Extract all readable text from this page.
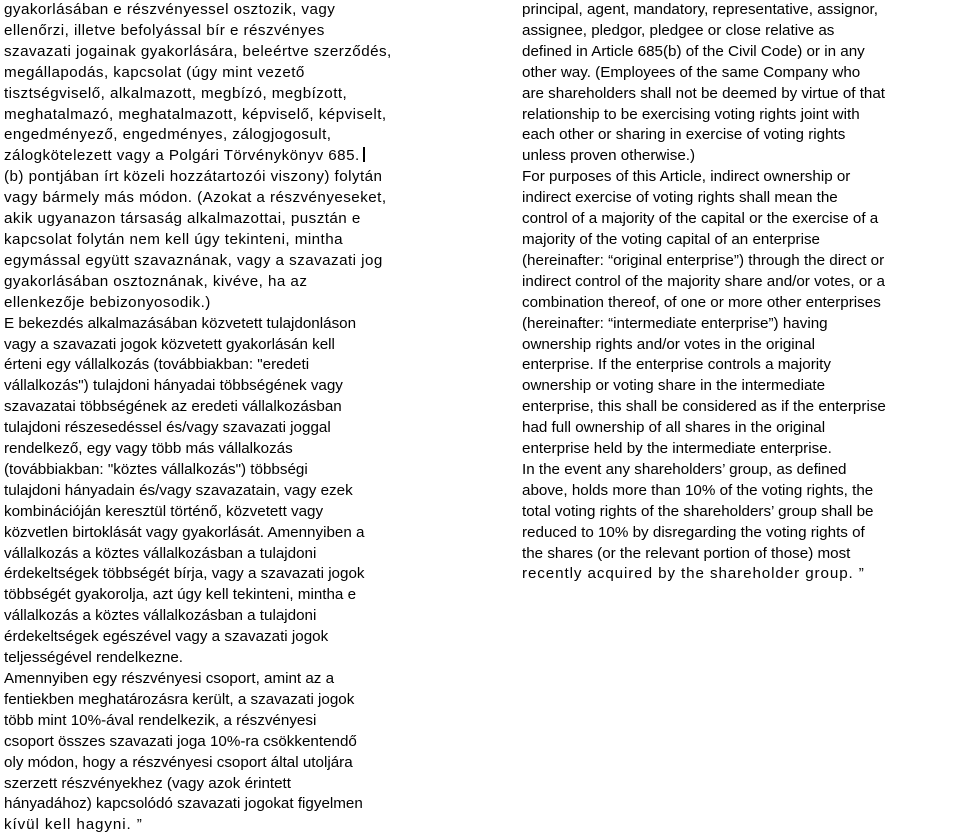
gyakorlásában e részvényessel osztozik, vagy
ellenőrzi, illetve befolyással bír e részvényes
szavazati jogainak gyakorlására, beleértve szerződés,
megállapodás, kapcsolat (úgy mint vezető
tisztségviselő, alkalmazott, megbízó, megbízott,
meghatalmazó, meghatalmazott, képviselő, képviselt,
engedményező, engedményes, zálogjogosult,
zálogkötelezett vagy a Polgári Törvénykönyv 685.
(b) pontjában írt közeli hozzátartozói viszony) folytán
vagy bármely más módon. (Azokat a részvényeseket,
akik ugyanazon társaság alkalmazottai, pusztán e
kapcsolat folytán nem kell úgy tekinteni, mintha
egymással együtt szavaznának, vagy a szavazati jog
gyakorlásában osztoznának, kivéve, ha az
ellenkezője bebizonyosodik.)
E bekezdés alkalmazásában közvetett tulajdonláson
vagy a szavazati jogok közvetett gyakorlásán kell
érteni egy vállalkozás (továbbiakban: "eredeti
vállalkozás") tulajdoni hányadai többségének vagy
szavazatai többségének az eredeti vállalkozásban
tulajdoni részesedéssel és/vagy szavazati joggal
rendelkező, egy vagy több más vállalkozás
(továbbiakban: "köztes vállalkozás") többségi
tulajdoni hányadain és/vagy szavazatain, vagy ezek
kombinációján keresztül történő, közvetett vagy
közvetlen birtoklását vagy gyakorlását. Amennyiben a
vállalkozás a köztes vállalkozásban a tulajdoni
érdekeltségek többségét bírja, vagy a szavazati jogok
többségét gyakorolja, azt úgy kell tekinteni, mintha e
vállalkozás a köztes vállalkozásban a tulajdoni
érdekeltségek egészével vagy a szavazati jogok
teljességével rendelkezne.
Amennyiben egy részvényesi csoport, amint az a
fentiekben meghatározásra került, a szavazati jogok
több mint 10%-ával rendelkezik, a részvényesi
csoport összes szavazati joga 10%-ra csökkentendő
oly módon, hogy a részvényesi csoport által utoljára
szerzett részvényekhez (vagy azok érintett
hányadához) kapcsolódó szavazati jogokat figyelmen
kívül kell hagyni. ”
principal, agent, mandatory, representative, assignor,
assignee, pledgor, pledgee or close relative as
defined in Article 685(b) of the Civil Code) or in any
other way. (Employees of the same Company who
are shareholders shall not be deemed by virtue of that
relationship to be exercising voting rights joint with
each other or sharing in exercise of voting rights
unless proven otherwise.)
For purposes of this Article, indirect ownership or
indirect exercise of voting rights shall mean the
control of a majority of the capital or the exercise of a
majority of the voting capital of an enterprise
(hereinafter: “original enterprise”) through the direct or
indirect control of the majority share and/or votes, or a
combination thereof, of one or more other enterprises
(hereinafter: “intermediate enterprise”) having
ownership rights and/or votes in the original
enterprise. If the enterprise controls a majority
ownership or voting share in the intermediate
enterprise, this shall be considered as if the enterprise
had full ownership of all shares in the original
enterprise held by the intermediate enterprise.
In the event any shareholders’ group, as defined
above, holds more than 10% of the voting rights, the
total voting rights of the shareholders’ group shall be
reduced to 10% by disregarding the voting rights of
the shares (or the relevant portion of those) most
recently acquired by the shareholder group. ”
